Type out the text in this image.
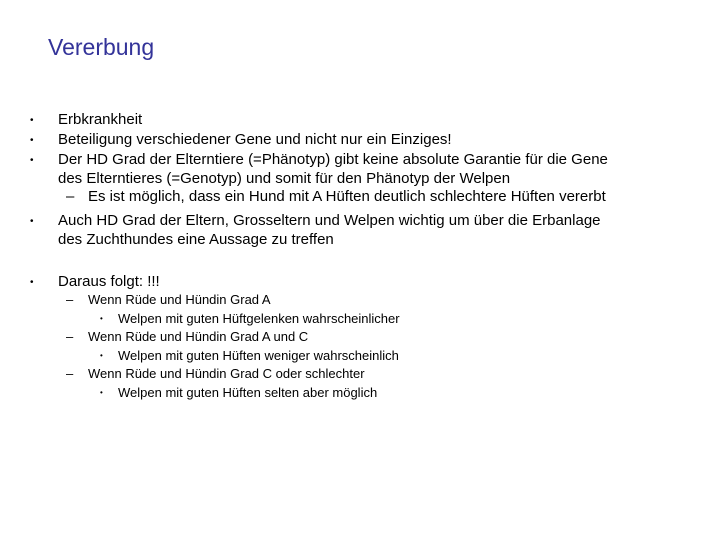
Vererbung
• Erbkrankheit
• Beteiligung verschiedener Gene und nicht nur ein Einziges!
• Der HD Grad der Elterntiere (=Phänotyp) gibt keine absolute Garantie für die Gene
des Elterntieres (=Genotyp) und somit für den Phänotyp der Welpen
– Es ist möglich, dass ein Hund mit A Hüften deutlich schlechtere Hüften vererbt
• Auch HD Grad der Eltern, Grosseltern und Welpen wichtig um über die Erbanlage
des Zuchthundes eine Aussage zu treffen
• Daraus folgt: !!!
– Wenn Rüde und Hündin Grad A
• Welpen mit guten Hüftgelenken wahrscheinlicher
– Wenn Rüde und Hündin Grad A und C
• Welpen mit guten Hüften weniger wahrscheinlich
– Wenn Rüde und Hündin Grad C oder schlechter
• Welpen mit guten Hüften selten aber möglich
